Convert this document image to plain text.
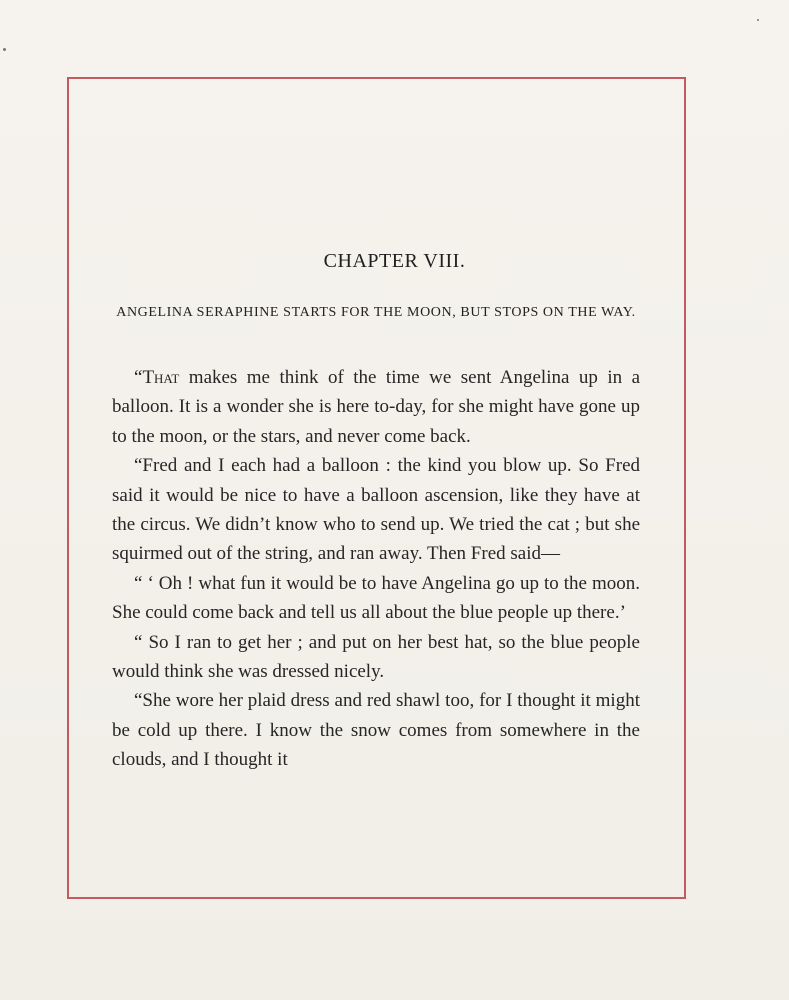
CHAPTER VIII.
ANGELINA SERAPHINE STARTS FOR THE MOON, BUT STOPS ON THE WAY.

“That makes me think of the time we sent Angelina up in a balloon. It is a wonder she is here to-day, for she might have gone up to the moon, or the stars, and never come back.

“Fred and I each had a balloon : the kind you blow up. So Fred said it would be nice to have a balloon ascension, like they have at the circus. We didn’t know who to send up. We tried the cat ; but she squirmed out of the string, and ran away. Then Fred said—

“ ‘ Oh ! what fun it would be to have Angelina go up to the moon. She could come back and tell us all about the blue people up there.’

“ So I ran to get her ; and put on her best hat, so the blue people would think she was dressed nicely.

“She wore her plaid dress and red shawl too, for I thought it might be cold up there. I know the snow comes from somewhere in the clouds, and I thought it
